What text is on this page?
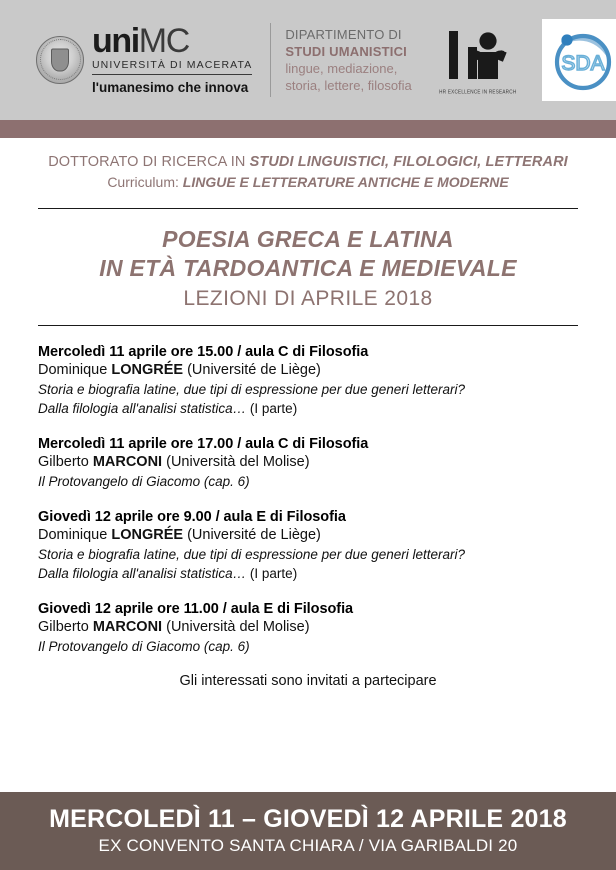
uniMC
UNIVERSITÀ DI MACERATA
l'umanesimo che innova
DIPARTIMENTO DI
STUDI UMANISTICI
lingue, mediazione,
storia, lettere, filosofia	HR EXCELLENCE IN RESEARCH
SDA
DOTTORATO DI RICERCA IN STUDI LINGUISTICI, FILOLOGICI, LETTERARI
Curriculum: LINGUE E LETTERATURE ANTICHE E MODERNE
POESIA GRECA E LATINA
IN ETÀ TARDOANTICA E MEDIEVALE
LEZIONI DI APRILE 2018
Mercoledì 11 aprile ore 15.00 / aula C di Filosofia
Dominique LONGRÉE (Université de Liège)
Storia e biografia latine, due tipi di espressione per due generi letterari?
Dalla filologia all'analisi statistica… (I parte)
Mercoledì 11 aprile ore 17.00 / aula C di Filosofia
Gilberto MARCONI (Università del Molise)
Il Protovangelo di Giacomo (cap. 6)
Giovedì 12 aprile ore 9.00 / aula E di Filosofia
Dominique LONGRÉE (Université de Liège)
Storia e biografia latine, due tipi di espressione per due generi letterari?
Dalla filologia all'analisi statistica… (I parte)
Giovedì 12 aprile ore 11.00 / aula E di Filosofia
Gilberto MARCONI (Università del Molise)
Il Protovangelo di Giacomo (cap. 6)
Gli interessati sono invitati a partecipare
MERCOLEDÌ 11 – GIOVEDÌ 12 APRILE 2018
EX CONVENTO SANTA CHIARA / VIA GARIBALDI 20
